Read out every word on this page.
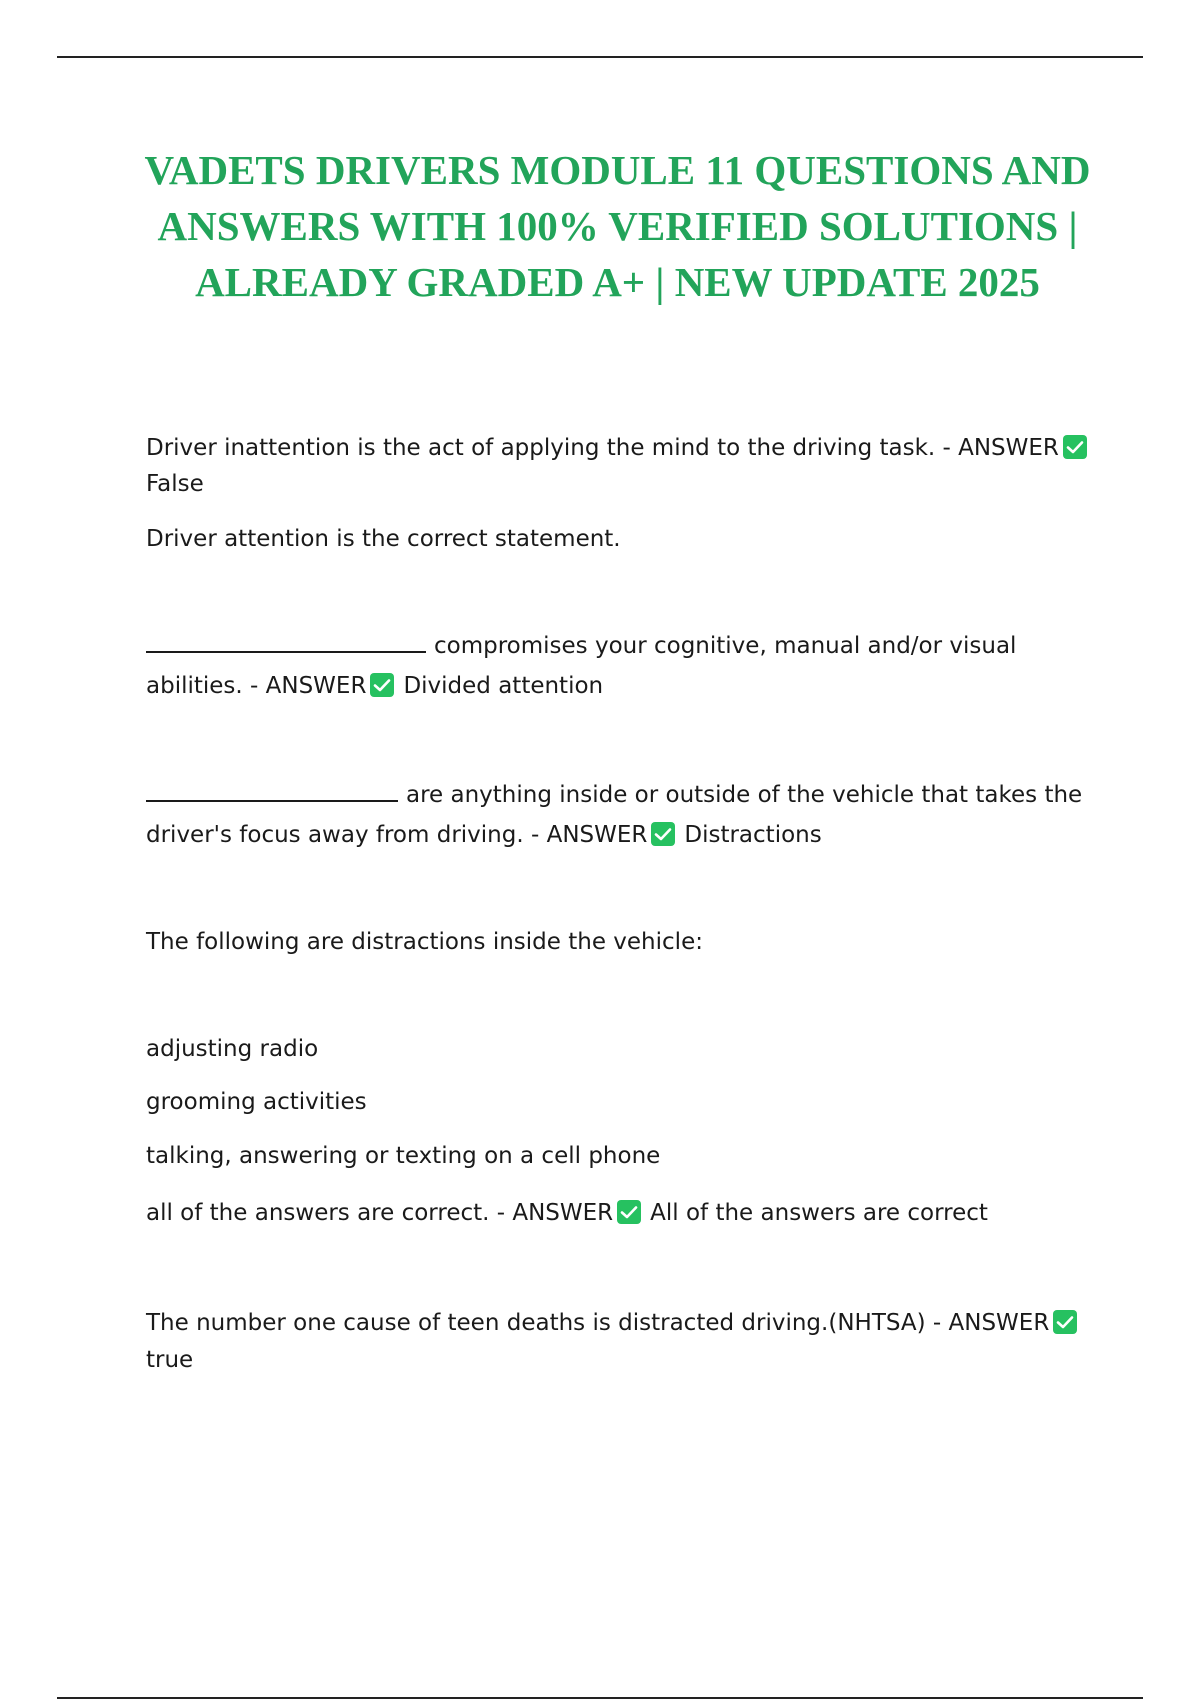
VADETS DRIVERS MODULE 11 QUESTIONS AND ANSWERS WITH 100% VERIFIED SOLUTIONS | ALREADY GRADED A+ | NEW UPDATE 2025
Driver inattention is the act of applying the mind to the driving task. - ANSWER
False
Driver attention is the correct statement.
compromises your cognitive, manual and/or visual
abilities. - ANSWER Divided attention
are anything inside or outside of the vehicle that takes the
driver's focus away from driving. - ANSWER Distractions
The following are distractions inside the vehicle:
adjusting radio
grooming activities
talking, answering or texting on a cell phone
all of the answers are correct. - ANSWER All of the answers are correct
The number one cause of teen deaths is distracted driving.(NHTSA) - ANSWER
true
